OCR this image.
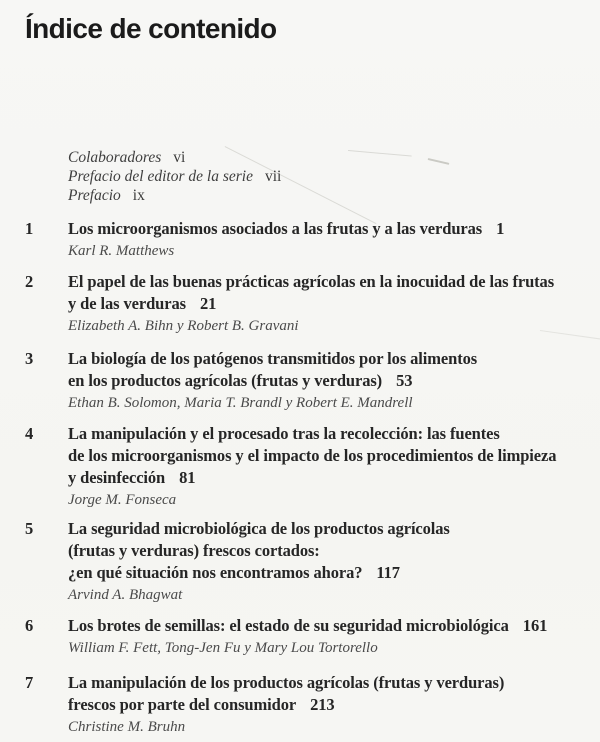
Índice de contenido
Colaboradores vi
Prefacio del editor de la serie vii
Prefacio ix
1 Los microorganismos asociados a las frutas y a las verduras 1
Karl R. Matthews
2 El papel de las buenas prácticas agrícolas en la inocuidad de las frutas
y de las verduras 21
Elizabeth A. Bihn y Robert B. Gravani
3 La biología de los patógenos transmitidos por los alimentos
en los productos agrícolas (frutas y verduras) 53
Ethan B. Solomon, Maria T. Brandl y Robert E. Mandrell
4 La manipulación y el procesado tras la recolección: las fuentes
de los microorganismos y el impacto de los procedimientos de limpieza
y desinfección 81
Jorge M. Fonseca
5 La seguridad microbiológica de los productos agrícolas
(frutas y verduras) frescos cortados:
¿en qué situación nos encontramos ahora? 117
Arvind A. Bhagwat
6 Los brotes de semillas: el estado de su seguridad microbiológica 161
William F. Fett, Tong-Jen Fu y Mary Lou Tortorello
7 La manipulación de los productos agrícolas (frutas y verduras)
frescos por parte del consumidor 213
Christine M. Bruhn
